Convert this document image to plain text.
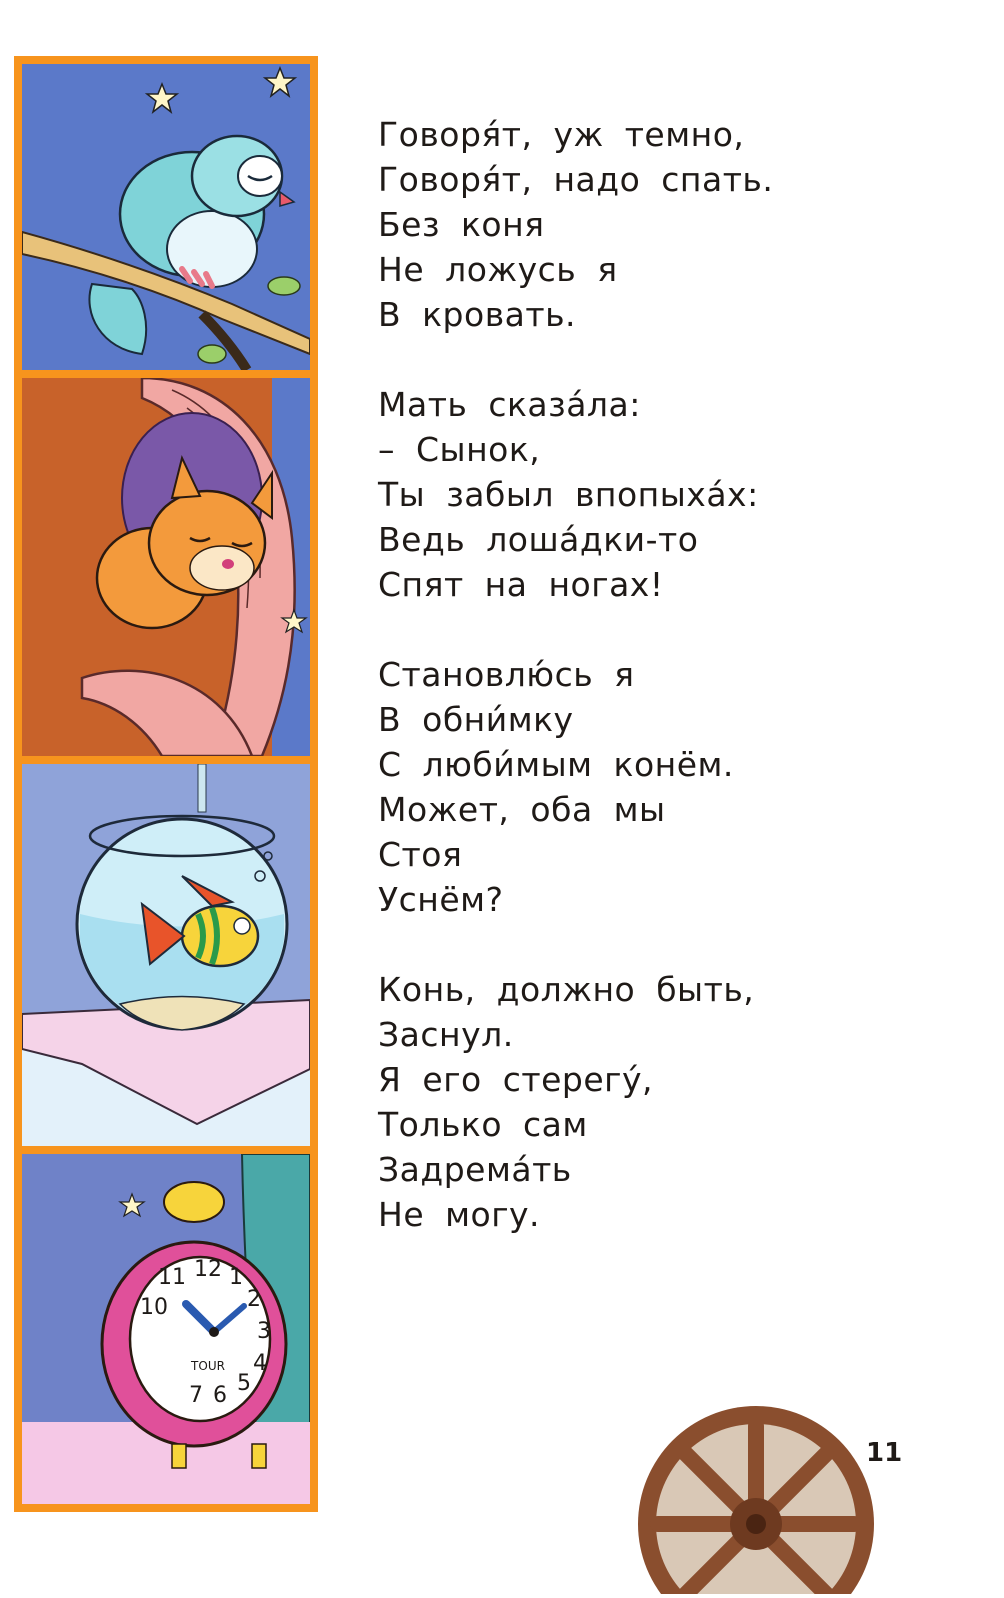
12 1
2
3
4
5
6
7
11
10
TOUR
Говоря́т, уж темно,
Говоря́т, надо спать.
Без коня
Не ложусь я
В кровать.
Мать сказа́ла:
– Сынок,
Ты забыл впопыха́х:
Ведь лоша́дки-то
Спят на ногах!
Становлю́сь я
В обни́мку
С люби́мым конём.
Может, оба мы
Стоя
Уснём?
Конь, должно быть,
Заснул.
Я его стерегу́,
Только сам
Задрема́ть
Не могу.
11
